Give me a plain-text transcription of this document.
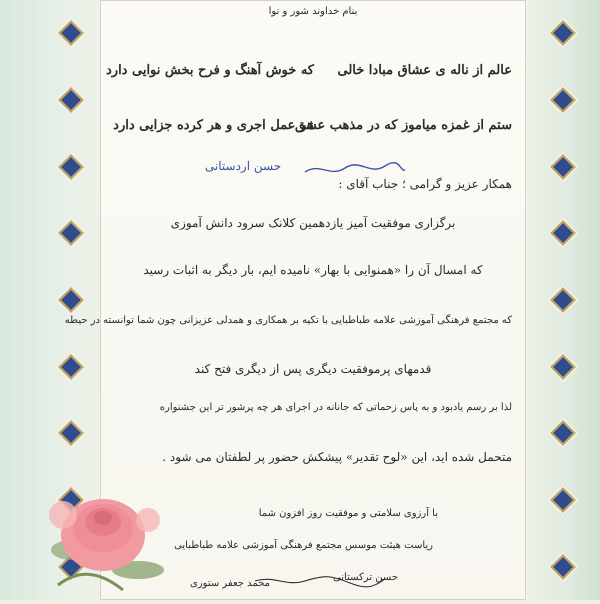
بنام خداوند شور و نوا
عالم از ناله ی عشاق مبادا خالی
که خوش آهنگ و فرح بخش نوایی دارد
ستم از غمزه میاموز که در مذهب عشق
هر عمل اجری و هر کرده جزایی دارد
همکار عزیز و گرامی ؛ جناب آقای :
حسن اردستانی
برگزاری موفقیت آمیز یازدهمین کلانک سرود دانش آموزی
که امسال آن را «همنوایی با بهار» نامیده ایم، بار دیگر به اثبات رسید
که مجتمع فرهنگی آموزشی علامه طباطبایی با تکیه بر همکاری و همدلی عزیزانی چون شما توانسته در حیطه
قدمهای پرموفقیت دیگری پس از دیگری فتح کند
لذا بر رسم یادبود و به پاس زحماتی که جانانه در اجرای هر چه پرشور تر این جشنواره
متحمل شده اید، این «لوح تقدیر» پیشکش حضور پر لطفتان می شود .
با آرزوی سلامتی و موفقیت روز افزون شما
ریاست هیئت موسس مجتمع فرهنگی آموزشی علامه طباطبایی
حسن ترکستانی
محمد جعفر ستوری
